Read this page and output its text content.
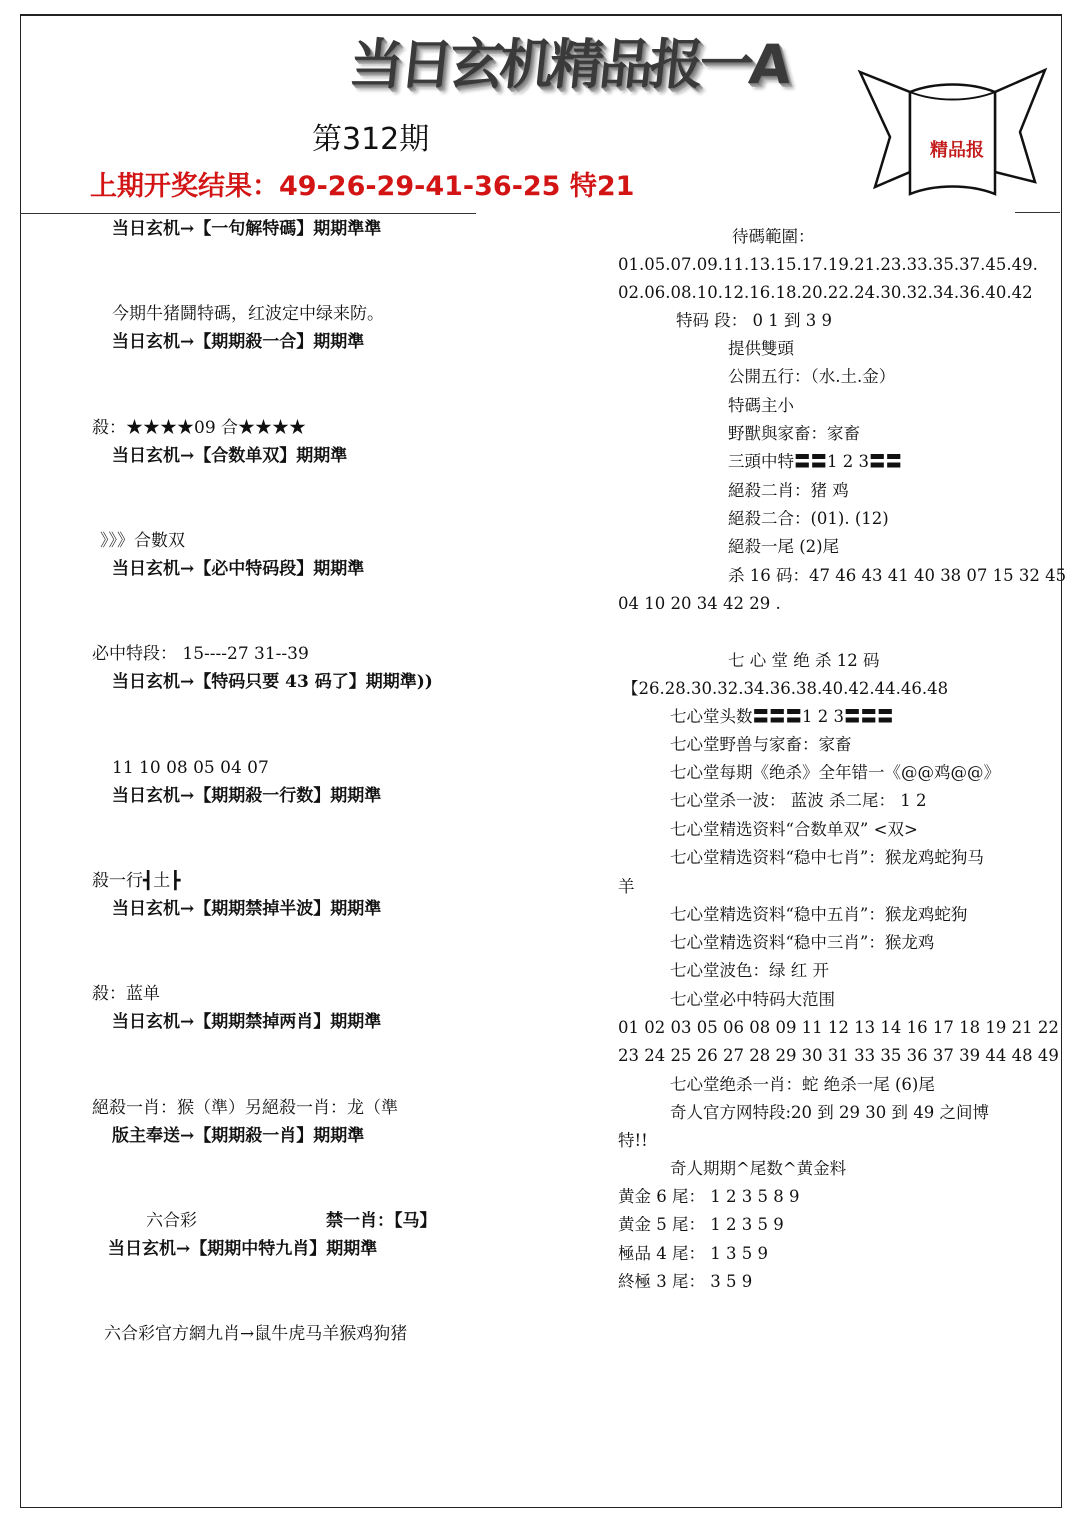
当日玄机精品报一A
精品报
第312期
上期开奖结果：49-26-29-41-36-25 特21
当日玄机→【一句解特碼】期期準準
今期牛猪鬪特碼，红波定中绿来防。
当日玄机→【期期殺一合】期期準
殺：★★★★09 合★★★★
当日玄机→【合数单双】期期準
》》》合數双
当日玄机→【必中特码段】期期準
必中特段： 15----27 31--39
当日玄机→【特码只要 43 码了】期期準))
11 10 08 05 04 07
当日玄机→【期期殺一行数】期期準
殺一行┫土┣
当日玄机→【期期禁掉半波】期期準
殺：蓝单
当日玄机→【期期禁掉两肖】期期準
絕殺一肖：猴（準）另絕殺一肖：龙（準
版主奉送→【期期殺一肖】期期準
六合彩	禁一肖：【马】
当日玄机→【期期中特九肖】期期準
六合彩官方網九肖→鼠牛虎马羊猴鸡狗猪
待碼範圍：
01.05.07.09.11.13.15.17.19.21.23.33.35.37.45.49.
02.06.08.10.12.16.18.20.22.24.30.32.34.36.40.42
特码 段： 0 1 到 3 9
提供雙頭
公開五行：（水.土.金）
特碼主小
野獸與家畜：家畜
三頭中特〓〓1 2 3〓〓
絕殺二肖：猪 鸡
絕殺二合：(01). (12)
絕殺一尾 (2)尾
杀 16 码：47 46 43 41 40 38 07 15 32 45
04 10 20 34 42 29 .
七 心 堂 绝 杀 12 码
【26.28.30.32.34.36.38.40.42.44.46.48
七心堂头数〓〓〓1 2 3〓〓〓
七心堂野兽与家畜：家畜
七心堂每期《绝杀》全年错一《@@鸡@@》
七心堂杀一波： 蓝波 杀二尾： 1 2
七心堂精选资料“合数单双” <双>
七心堂精选资料“稳中七肖”：猴龙鸡蛇狗马
羊
七心堂精选资料“稳中五肖”：猴龙鸡蛇狗
七心堂精选资料“稳中三肖”：猴龙鸡
七心堂波色：绿 红 开
七心堂必中特码大范围
01 02 03 05 06 08 09 11 12 13 14 16 17 18 19 21 22
23 24 25 26 27 28 29 30 31 33 35 36 37 39 44 48 49
七心堂绝杀一肖：蛇 绝杀一尾 (6)尾
奇人官方网特段:20 到 29 30 到 49 之间博
特!!
奇人期期^尾数^黄金料
黄金 6 尾： 1 2 3 5 8 9
黄金 5 尾： 1 2 3 5 9
極品 4 尾： 1 3 5 9
終極 3 尾： 3 5 9
